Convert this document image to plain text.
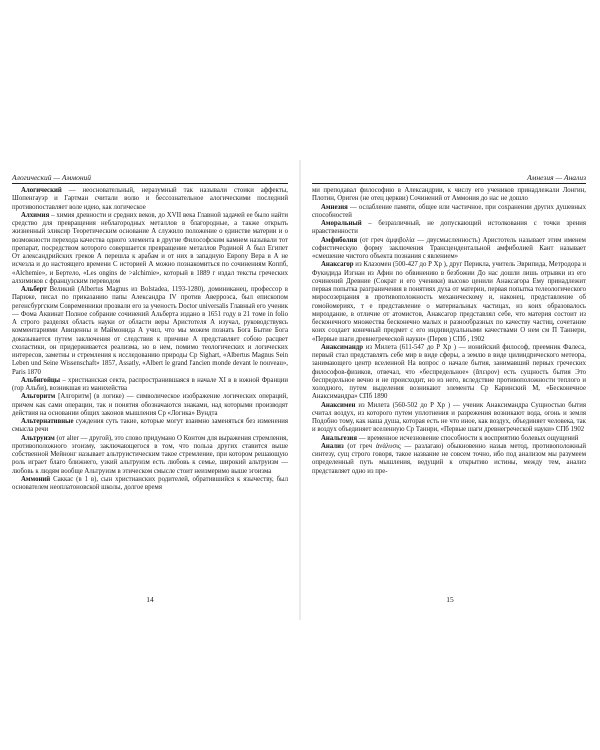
Алогический — Аммоний

Алогический — неосновательный, неразумный так называли стоики аффекты, Шопенгауэр и Гартман считали волю и бессознательное алогическими последний противопоставляет воле идею, как логическое

Алхимия – химия древности и средних веков, до XVII века Главной задачей ее было найти средство для превращения неблагородных металлов в благородные, а также открыть жизненный эликсир Теоретическим основание А служило положение о единстве материи и о возможности перехода качества одного элемента в другие Философским камнем называли тот препарат, посредством которого совершается превращение металлов Родиной А был Египет От александрийских греков А перешла к арабам и от них в западную Европу Вера в А не исчезла и до настоящего времени С историей А можно познакомиться по сочинениям Коппб, «Alchemie», и Бертело, «Les ongins de >alchimie», который в 1889 г издал тексты греческих алхимиков с французским переводом

Альберт Великий (Albertus Magnus из Bolstadea, 1193-1280), доминиканец, профессор в Париже, писал по приказанию папы Александра IV против Аверроэса, был епископом регенсбургским Современники прозвали его за ученость Doctor universalis Главный его ученик — Фома Аквинат Полное собрание сочинений Альберта издано в 1651 году в 21 томе in folio А строго разделял область науки от области веры Аристотеля А изучал, руководствуясь комментариями Авиценны и Маймонида А учил, что мы можем познать Бога Бытие Бога доказывается путем заключения от следствия к причине А представляет собою расцвет схоластики, он придерживается реализма, но в нем, помимо теологических и логических интересов, заметны и стремления к исследованию природы Ср Sighart, «Albertus Magnus Sein Leben und Seine Wissenschaft» 1857, Assatly, «Albert le grand l'ancien monde devant le nouveau», Paris 1870

Альбигойцы – христианская секта, распространившаяся в начале XI в в южной Франции (гор Альби), возникшая из манихейства

Альгоритм [Алгоритм] (в логике) — символическое изображение логических операций, причем как сами операции, так и понятия обозначаются знаками, над которыми производят действия на основании общих законов мышления Ср «Логика» Вундта

Альтернативные суждения суть такие, которые могут взаимно заменяться без изменения смысла речи

Альтруизм (от alter — другой), это слово придумано О Контом для выражения стремления, противоположного эгоизму, заключающегося в том, что польза других ставится выше собственной Мейнонг называет альтруистическим такое стремление, при котором решающую роль играет благо ближнего, узкий альтруизм есть любовь к семье, широкий альтруизм — любовь к людям вообще Альтруизм в этическом смысле стоит неизмеримо выше эгоизма

Аммоний Саккас (в 1 в), сын христианских родителей, обратившийся к язычеству, был основателем неоплатоновской школы, долгое время

14
Амнезия — Анализ

ми преподавал философию в Александрии, к числу его учеников принадлежали Лонгин, Плотин, Ориген (не отец церкви) Сочинений от Аммония до нас не дошло

Амнезия — ослабление памяти, общее или частичное, при сохранении других душевных способностей

Аморальный – безразличный, не допускающий истолкования с точки зрения нравственности

Амфиболия (от греч ἀμφιβολία — двусмысленность) Аристотель называет этим именем софистическую форму заключения Трансцендентальной амфиболией Кант называет «смешение чистого объекта познания с явлением»

Анаксагор из Клазомен (500-427 до Р Хр ), друг Перикла, учитель Эврипида, Метродора и Фукидида Изгнан из Афин по обвинению в безбожии До нас дошли лишь отрывки из его сочинений Древние (Сократ и его ученики) высоко ценили Анаксагора Ему принадлежит первая попытка разграничения в понятиях духа от материи, первая попытка телеологического миросозерцания в противоположность механическому и, наконец, представление об гомойомериях, т е представление о материальных частицах, из коих образовалось мироздание, в отличие от атомистов, Анаксагор представлял себе, что материя состоит из бесконечного множества бесконечно малых и разнообразных по качеству частиц, сочетание коих создает конечный предмет с его индивидуальными качествами О нем см П Таннери, «Первые шаги древнегреческой науки» (Перев ) СПб , 1902

Анаксимандр из Милета (611-547 до Р Хр ) — ионийский философ, преемник Фалеса, первый стал представлять себе мир в виде сферы, а землю в виде цилиндрического метеора, занимающего центр вселенной На вопрос о начале бытия, занимавший первых греческих философов-физиков, отвечал, что «беспредельное» (ἄπειρον) есть сущность бытия Это беспредельное вечно и не происходит, но из него, вследствие противоположности теплого и холодного, путем выделения возникают элементы Ср Каринский М, «Бесконечное Анаксимандра» СПб 1890

Анаксимен из Милета (560-502 до Р Хр ) — ученик Анаксимандра Сущностью бытия считал воздух, из которого путем уплотнения и разрежения возникают вода, огонь и земля Подобно тому, как наша душа, которая есть не что иное, как воздух, объединяет человека, так и воздух объединяет вселенную Ср Таннри, «Первые шаги древнегреческой науки» СПб 1902

Анальгезия — временное исчезновение способности к восприятию болевых ощущений

Анализ (от греч ἀνάλυσις — разлагаю) обыкновенно назыв метод, противоположный синтезу, сущ строго говоря, такое название не совсем точно, ибо под анализом мы разумеем определенный путь мышления, ведущий к открытию истины, между тем, анализ представляет одно из пре-

15
